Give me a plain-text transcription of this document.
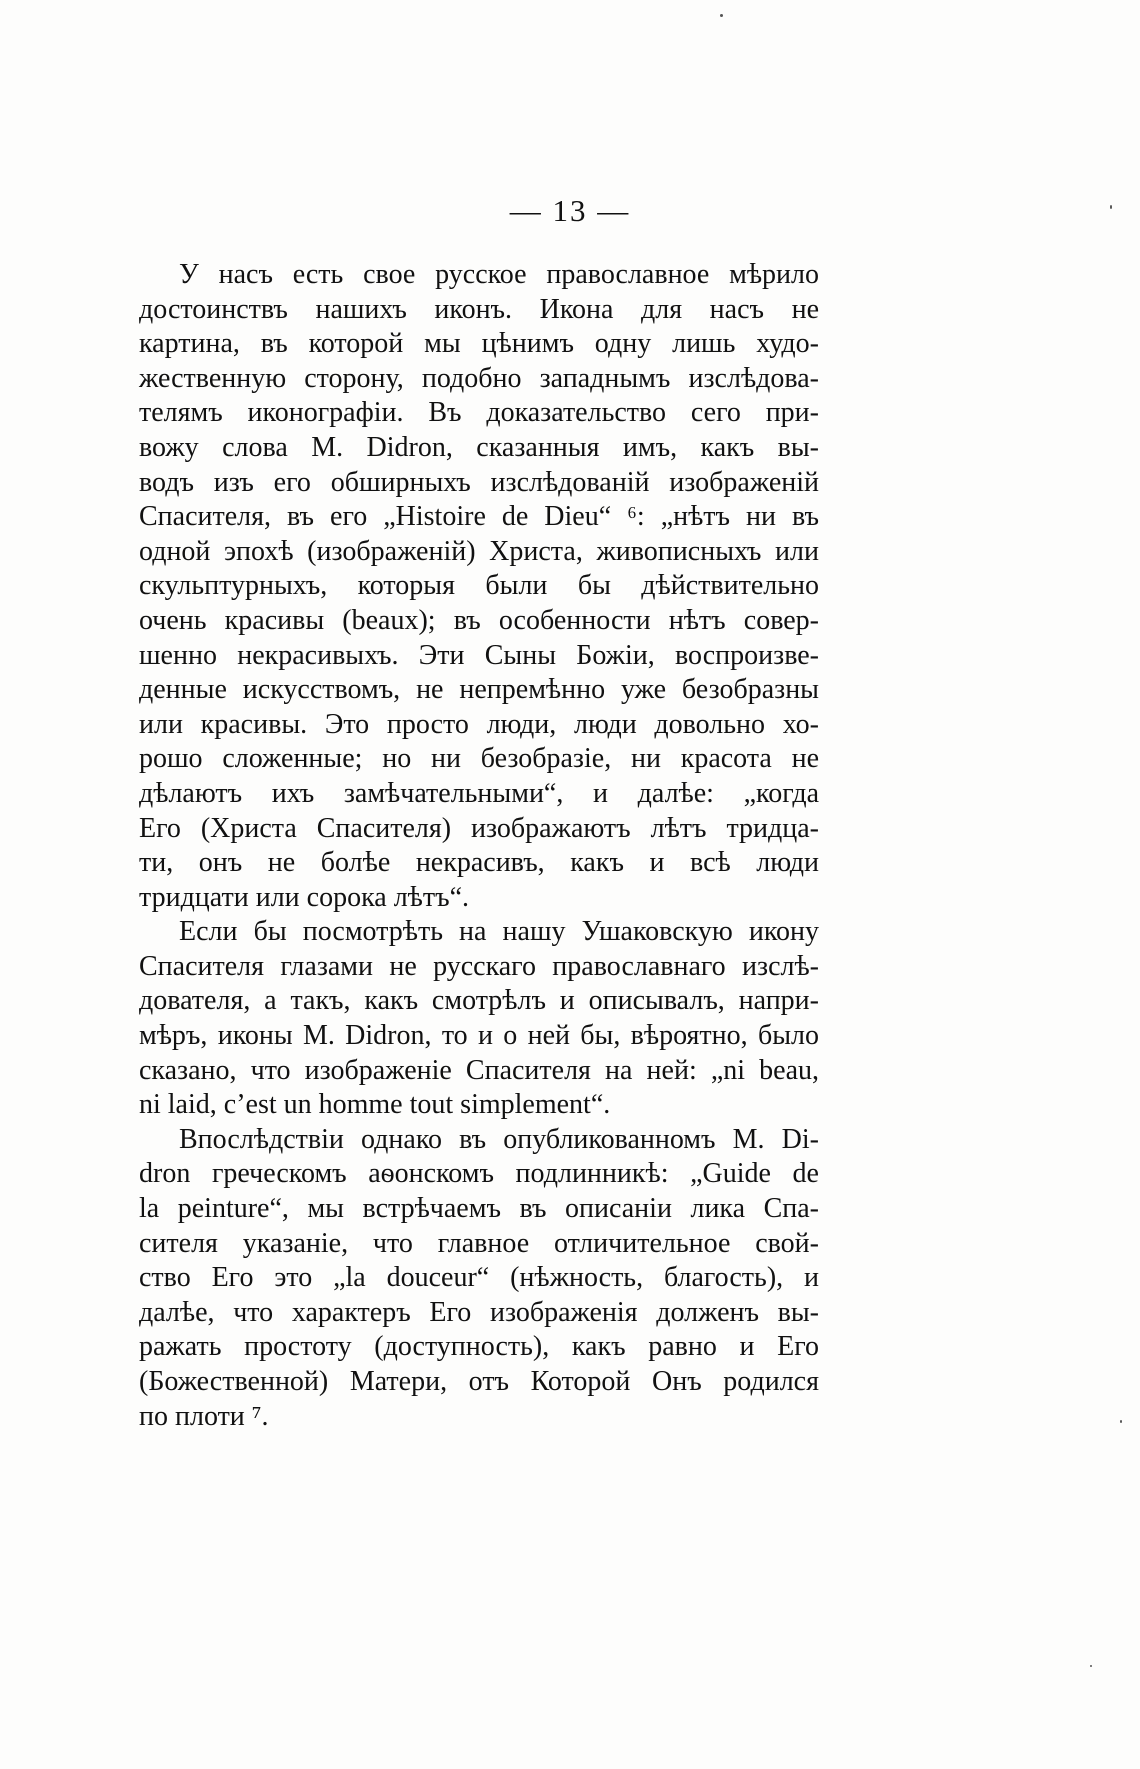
— 13 —
У насъ есть свое русское православное мѣрило
достоинствъ нашихъ иконъ. Икона для насъ не
картина, въ которой мы цѣнимъ одну лишь худо-
жественную сторону, подобно западнымъ изслѣдова-
телямъ иконографіи. Въ доказательство сего при-
вожу слова М. Didron, сказанныя имъ, какъ вы-
водъ изъ его обширныхъ изслѣдованій изображеній
Спасителя, въ его „Histoire de Dieu“ ⁶: „нѣтъ ни въ
одной эпохѣ (изображеній) Христа, живописныхъ или
скульптурныхъ, которыя были бы дѣйствительно
очень красивы (beaux); въ особенности нѣтъ совер-
шенно некрасивыхъ. Эти Сыны Божіи, воспроизве-
денные искусствомъ, не непремѣнно уже безобразны
или красивы. Это просто люди, люди довольно хо-
рошо сложенные; но ни безобразіе, ни красота не
дѣлаютъ ихъ замѣчательными“, и далѣе: „когда
Его (Христа Спасителя) изображаютъ лѣтъ тридца-
ти, онъ не болѣе некрасивъ, какъ и всѣ люди
тридцати или сорока лѣтъ“.
Если бы посмотрѣть на нашу Ушаковскую икону
Спасителя глазами не русскаго православнаго изслѣ-
дователя, а такъ, какъ смотрѣлъ и описывалъ, напри-
мѣръ, иконы М. Didron, то и о ней бы, вѣроятно, было
сказано, что изображеніе Спасителя на ней: „ni beau,
ni laid, c’est un homme tout simplement“.
Впослѣдствіи однако въ опубликованномъ М. Di-
dron греческомъ аѳонскомъ подлинникѣ: „Guide de
la peinture“, мы встрѣчаемъ въ описаніи лика Спа-
сителя указаніе, что главное отличительное свой-
ство Его это „la douceur“ (нѣжность, благость), и
далѣе, что характеръ Его изображенія долженъ вы-
ражать простоту (доступность), какъ равно и Его
(Божественной) Матери, отъ Которой Онъ родился
по плоти ⁷.
